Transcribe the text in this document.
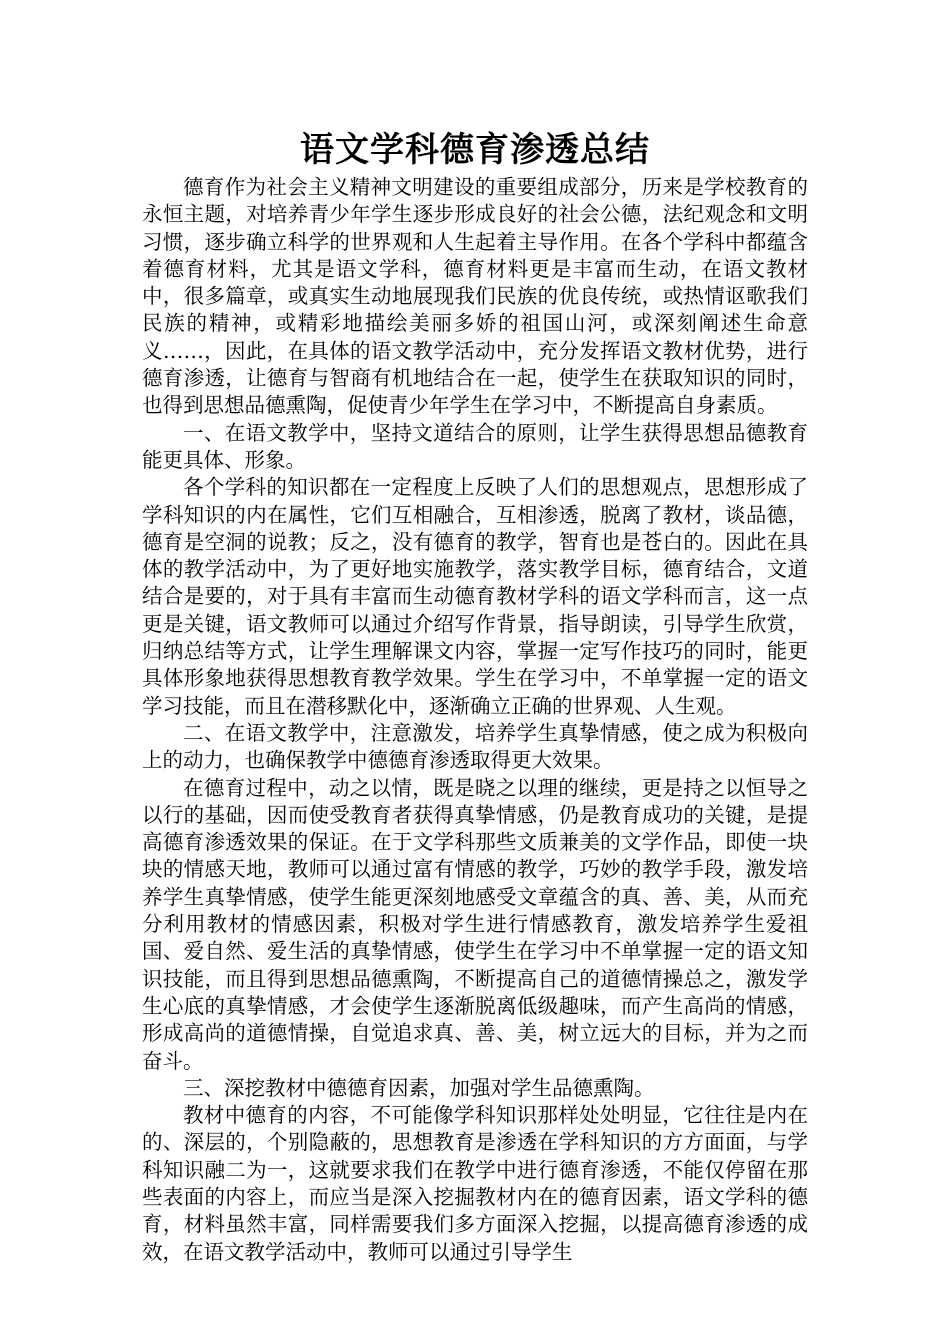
语文学科德育渗透总结

德育作为社会主义精神文明建设的重要组成部分，历来是学校教育的永恒主题，对培养青少年学生逐步形成良好的社会公德，法纪观念和文明习惯，逐步确立科学的世界观和人生起着主导作用。在各个学科中都蕴含着德育材料，尤其是语文学科，德育材料更是丰富而生动，在语文教材中，很多篇章，或真实生动地展现我们民族的优良传统，或热情讴歌我们民族的精神，或精彩地描绘美丽多娇的祖国山河，或深刻阐述生命意义……，因此，在具体的语文教学活动中，充分发挥语文教材优势，进行德育渗透，让德育与智商有机地结合在一起，使学生在获取知识的同时，也得到思想品德熏陶，促使青少年学生在学习中，不断提高自身素质。

一、在语文教学中，坚持文道结合的原则，让学生获得思想品德教育能更具体、形象。

各个学科的知识都在一定程度上反映了人们的思想观点，思想形成了学科知识的内在属性，它们互相融合，互相渗透，脱离了教材，谈品德，德育是空洞的说教；反之，没有德育的教学，智育也是苍白的。因此在具体的教学活动中，为了更好地实施教学，落实教学目标，德育结合，文道结合是要的，对于具有丰富而生动德育教材学科的语文学科而言，这一点更是关键，语文教师可以通过介绍写作背景，指导朗读，引导学生欣赏，归纳总结等方式，让学生理解课文内容，掌握一定写作技巧的同时，能更具体形象地获得思想教育教学效果。学生在学习中，不单掌握一定的语文学习技能，而且在潜移默化中，逐渐确立正确的世界观、人生观。

二、在语文教学中，注意激发，培养学生真挚情感，使之成为积极向上的动力，也确保教学中德德育渗透取得更大效果。

在德育过程中，动之以情，既是晓之以理的继续，更是持之以恒导之以行的基础，因而使受教育者获得真挚情感，仍是教育成功的关键，是提高德育渗透效果的保证。在于文学科那些文质兼美的文学作品，即使一块块的情感天地，教师可以通过富有情感的教学，巧妙的教学手段，激发培养学生真挚情感，使学生能更深刻地感受文章蕴含的真、善、美，从而充分利用教材的情感因素，积极对学生进行情感教育，激发培养学生爱祖国、爱自然、爱生活的真挚情感，使学生在学习中不单掌握一定的语文知识技能，而且得到思想品德熏陶，不断提高自己的道德情操总之，激发学生心底的真挚情感，才会使学生逐渐脱离低级趣味，而产生高尚的情感，形成高尚的道德情操，自觉追求真、善、美，树立远大的目标，并为之而奋斗。

三、深挖教材中德德育因素，加强对学生品德熏陶。

教材中德育的内容，不可能像学科知识那样处处明显，它往往是内在的、深层的，个别隐蔽的，思想教育是渗透在学科知识的方方面面，与学科知识融二为一，这就要求我们在教学中进行德育渗透，不能仅停留在那些表面的内容上，而应当是深入挖掘教材内在的德育因素，语文学科的德育，材料虽然丰富，同样需要我们多方面深入挖掘，以提高德育渗透的成效，在语文教学活动中，教师可以通过引导学生
